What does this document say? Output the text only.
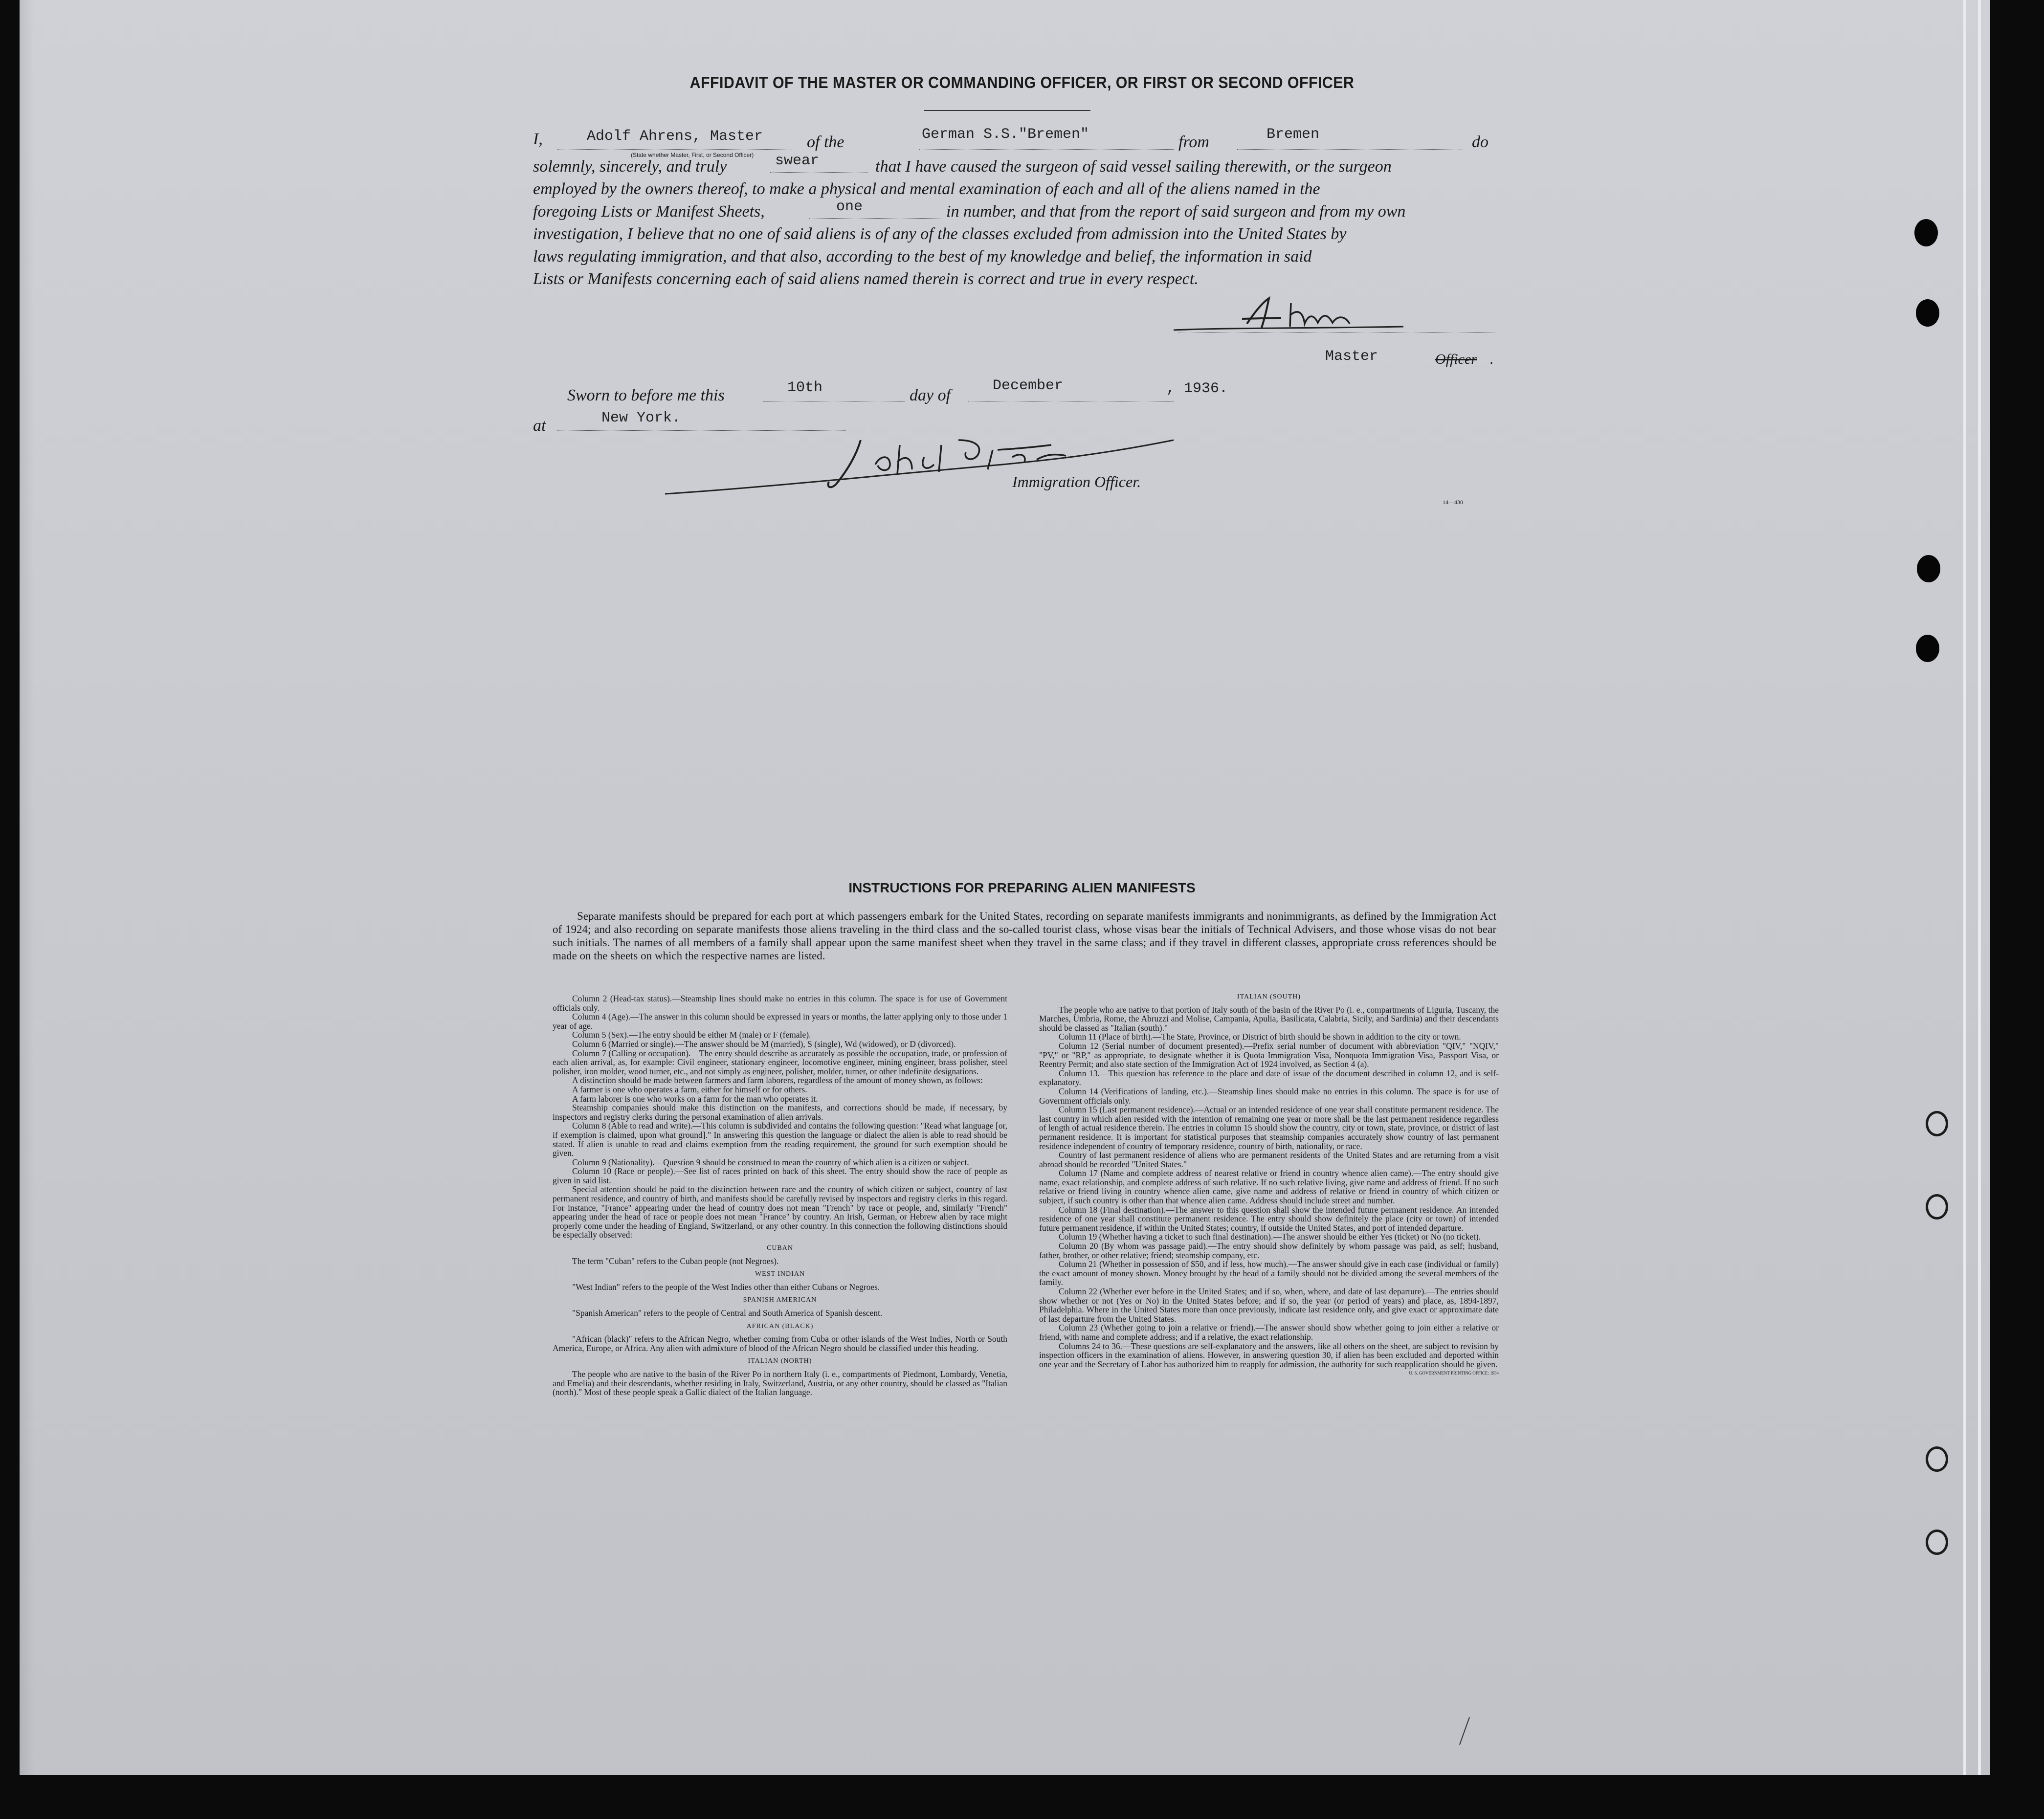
AFFIDAVIT OF THE MASTER OR COMMANDING OFFICER, OR FIRST OR SECOND OFFICER
I,	Adolf Ahrens, Master
(State whether Master, First, or Second Officer)
of the	German S.S."Bremen"	from	Bremen	do
solemnly, sincerely, and truly	swear	that I have caused the surgeon of said vessel sailing therewith, or the surgeon
employed by the owners thereof, to make a physical and mental examination of each and all of the aliens named in the
foregoing Lists or Manifest Sheets,	one	in number, and that from the report of said surgeon and from my own
investigation, I believe that no one of said aliens is of any of the classes excluded from admission into the United States by
laws regulating immigration, and that also, according to the best of my knowledge and belief, the information in said
Lists or Manifests concerning each of said aliens named therein is correct and true in every respect.
Master	Officer .
Sworn to before me this	10th	day of
December	, 1936.
at	New York.
Immigration Officer.
14—430
INSTRUCTIONS FOR PREPARING ALIEN MANIFESTS
Separate manifests should be prepared for each port at which passengers embark for the United States, recording on separate manifests immigrants and nonimmigrants, as defined by the Immigration Act of 1924; and also recording on separate manifests those aliens traveling in the third class and the so-called tourist class, whose visas bear the initials of Technical Advisers, and those whose visas do not bear such initials. The names of all members of a family shall appear upon the same manifest sheet when they travel in the same class; and if they travel in different classes, appropriate cross references should be made on the sheets on which the respective names are listed.

Column 2 (Head-tax status).—Steamship lines should make no entries in this column. The space is for use of Government officials only.

Column 4 (Age).—The answer in this column should be expressed in years or months, the latter applying only to those under 1 year of age.

Column 5 (Sex).—The entry should be either M (male) or F (female).

Column 6 (Married or single).—The answer should be M (married), S (single), Wd (widowed), or D (divorced).

Column 7 (Calling or occupation).—The entry should describe as accurately as possible the occupation, trade, or profession of each alien arrival, as, for example: Civil engineer, stationary engineer, locomotive engineer, mining engineer, brass polisher, steel polisher, iron molder, wood turner, etc., and not simply as engineer, polisher, molder, turner, or other indefinite designations.

A distinction should be made between farmers and farm laborers, regardless of the amount of money shown, as follows:

A farmer is one who operates a farm, either for himself or for others.

A farm laborer is one who works on a farm for the man who operates it.

Steamship companies should make this distinction on the manifests, and corrections should be made, if necessary, by inspectors and registry clerks during the personal examination of alien arrivals.

Column 8 (Able to read and write).—This column is subdivided and contains the following question: "Read what language [or, if exemption is claimed, upon what ground]." In answering this question the language or dialect the alien is able to read should be stated. If alien is unable to read and claims exemption from the reading requirement, the ground for such exemption should be given.

Column 9 (Nationality).—Question 9 should be construed to mean the country of which alien is a citizen or subject.

Column 10 (Race or people).—See list of races printed on back of this sheet. The entry should show the race of people as given in said list.

Special attention should be paid to the distinction between race and the country of which citizen or subject, country of last permanent residence, and country of birth, and manifests should be carefully revised by inspectors and registry clerks in this regard. For instance, "France" appearing under the head of country does not mean "French" by race or people, and, similarly "French" appearing under the head of race or people does not mean "France" by country. An Irish, German, or Hebrew alien by race might properly come under the heading of England, Switzerland, or any other country. In this connection the following distinctions should be especially observed:

CUBAN

The term "Cuban" refers to the Cuban people (not Negroes).

WEST INDIAN

"West Indian" refers to the people of the West Indies other than either Cubans or Negroes.

SPANISH AMERICAN

"Spanish American" refers to the people of Central and South America of Spanish descent.

AFRICAN (BLACK)

"African (black)" refers to the African Negro, whether coming from Cuba or other islands of the West Indies, North or South America, Europe, or Africa. Any alien with admixture of blood of the African Negro should be classified under this heading.

ITALIAN (NORTH)

The people who are native to the basin of the River Po in northern Italy (i. e., compartments of Piedmont, Lombardy, Venetia, and Emelia) and their descendants, whether residing in Italy, Switzerland, Austria, or any other country, should be classed as "Italian (north)." Most of these people speak a Gallic dialect of the Italian language.

ITALIAN (SOUTH)

The people who are native to that portion of Italy south of the basin of the River Po (i. e., compartments of Liguria, Tuscany, the Marches, Umbria, Rome, the Abruzzi and Molise, Campania, Apulia, Basilicata, Calabria, Sicily, and Sardinia) and their descendants should be classed as "Italian (south)."

Column 11 (Place of birth).—The State, Province, or District of birth should be shown in addition to the city or town.

Column 12 (Serial number of document presented).—Prefix serial number of document with abbreviation "QIV," "NQIV," "PV," or "RP," as appropriate, to designate whether it is Quota Immigration Visa, Nonquota Immigration Visa, Passport Visa, or Reentry Permit; and also state section of the Immigration Act of 1924 involved, as Section 4 (a).

Column 13.—This question has reference to the place and date of issue of the document described in column 12, and is self-explanatory.

Column 14 (Verifications of landing, etc.).—Steamship lines should make no entries in this column. The space is for use of Government officials only.

Column 15 (Last permanent residence).—Actual or an intended residence of one year shall constitute permanent residence. The last country in which alien resided with the intention of remaining one year or more shall be the last permanent residence regardless of length of actual residence therein. The entries in column 15 should show the country, city or town, state, province, or district of last permanent residence. It is important for statistical purposes that steamship companies accurately show country of last permanent residence independent of country of temporary residence, country of birth, nationality, or race.

Country of last permanent residence of aliens who are permanent residents of the United States and are returning from a visit abroad should be recorded "United States."

Column 17 (Name and complete address of nearest relative or friend in country whence alien came).—The entry should give name, exact relationship, and complete address of such relative. If no such relative living, give name and address of friend. If no such relative or friend living in country whence alien came, give name and address of relative or friend in country of which citizen or subject, if such country is other than that whence alien came. Address should include street and number.

Column 18 (Final destination).—The answer to this question shall show the intended future permanent residence. An intended residence of one year shall constitute permanent residence. The entry should show definitely the place (city or town) of intended future permanent residence, if within the United States; country, if outside the United States, and port of intended departure.

Column 19 (Whether having a ticket to such final destination).—The answer should be either Yes (ticket) or No (no ticket).

Column 20 (By whom was passage paid).—The entry should show definitely by whom passage was paid, as self; husband, father, brother, or other relative; friend; steamship company, etc.

Column 21 (Whether in possession of $50, and if less, how much).—The answer should give in each case (individual or family) the exact amount of money shown. Money brought by the head of a family should not be divided among the several members of the family.

Column 22 (Whether ever before in the United States; and if so, when, where, and date of last departure).—The entries should show whether or not (Yes or No) in the United States before; and if so, the year (or period of years) and place, as, 1894-1897, Philadelphia. Where in the United States more than once previously, indicate last residence only, and give exact or approximate date of last departure from the United States.

Column 23 (Whether going to join a relative or friend).—The answer should show whether going to join either a relative or friend, with name and complete address; and if a relative, the exact relationship.

Columns 24 to 36.—These questions are self-explanatory and the answers, like all others on the sheet, are subject to revision by inspection officers in the examination of aliens. However, in answering question 30, if alien has been excluded and deported within one year and the Secretary of Labor has authorized him to reapply for admission, the authority for such reapplication should be given.

U. S. GOVERNMENT PRINTING OFFICE: 1934
